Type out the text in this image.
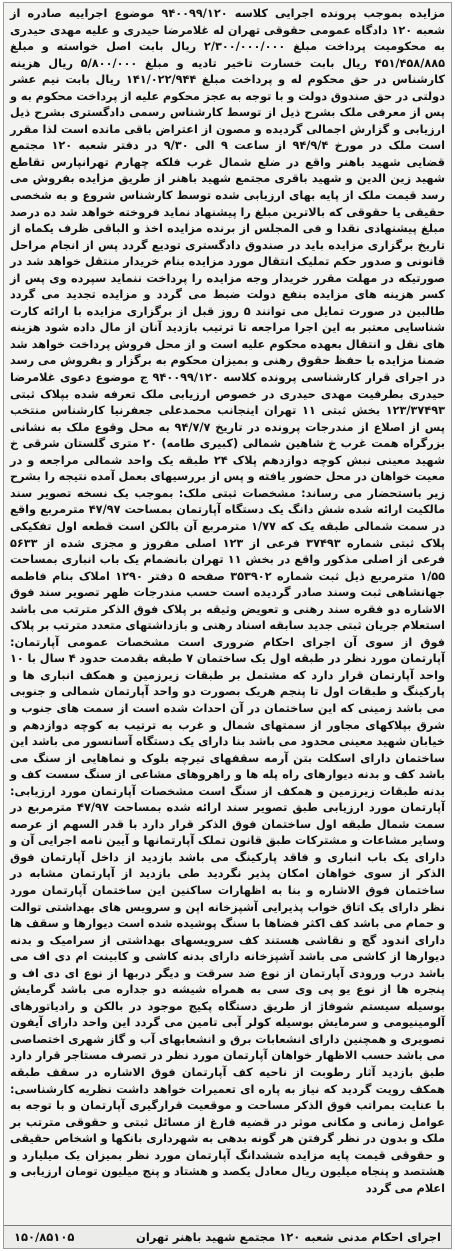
مزایده بموجب پرونده اجرایی کلاسه ۹۴۰۰۹۹/۱۲۰ موضوع اجراییه صادره از شعبه ۱۲۰ دادگاه عمومی حقوقی تهران له غلامرضا حیدری و علیه مهدی حیدری به محکومیت پرداخت مبلغ ۲/۳۰۰/۰۰۰/۰۰۰ ریال بابت اصل خواسته و مبلغ ۴۵۱/۴۵۸/۸۸۵ ریال بابت خسارت تاخیر تادیه و مبلغ ۵/۸۰۰/۰۰۰ ریال هزینه کارشناس در حق محکوم له و پرداخت مبلغ ۱۴۱/۰۲۲/۹۴۴ ریال بابت نیم عشر دولتی در حق صندوق دولت و با توجه به عجز محکوم علیه از پرداخت محکوم به و پس از معرفی ملک بشرح ذیل از توسط کارشناس رسمی دادگستری بشرح ذیل ارزیابی و گزارش اجمالی گردیده و مصون از اعتراض باقی مانده است لذا مقرر است ملک در مورخ ۹۴/۹/۴ از ساعت ۹ الی ۹/۳۰ در دفتر شعبه ۱۲۰ مجتمع قضایی شهید باهنر واقع در ضلع شمال غرب فلکه چهارم تهرانپارس تقاطع شهید زین الدین و شهید باقری مجتمع شهید باهنر از طریق مزایده بفروش می رسد قیمت ملک از پایه بهای ارزیابی شده توسط کارشناس شروع و به شخصی حقیقی یا حقوقی که بالاترین مبلغ را پیشنهاد نماید فروخته خواهد شد ده درصد مبلغ پیشنهادی نقدا و فی المجلس از برنده مزایده اخذ و الباقی ظرف یکماه از تاریخ برگزاری مزایده باید در صندوق دادگستری تودیع گردد پس از انجام مراحل قانونی و صدور حکم تملیک انتقال مورد مزایده بنام خریدار منتقل خواهد شد در صورتیکه در مهلت مقرر خریدار وجه مزایده را پرداخت ننماید سپرده وی پس از کسر هزینه های مزایده بنفع دولت ضبط می گردد و مزایده تجدید می گردد طالبین در صورت تمایل می توانند ۵ روز قبل از برگزاری مزایده با ارائه کارت شناسایی معتبر به این اجرا مراجعه تا ترتیب بازدید آنان از مال داده شود هزینه های نقل و انتقال بعهده محکوم علیه است و از محل فروش پرداخت خواهد شد ضمنا مزایده با حفظ حقوق رهنی و بمیزان محکوم به برگزار و بفروش می رسد در اجرای قرار کارشناسی پرونده کلاسه ۹۴۰۰۹۹/۱۲۰ ج موضوع دعوی غلامرضا حیدری بطرفیت مهدی حیدری در خصوص ارزیابی ملک تعرفه شده بپلاک ثبتی ۱۲۳/۳۷۴۹۳ بخش ثبتی ۱۱ تهران اینجانب محمدعلی جعفرنیا کارشناس منتخب پس از اصلاع از مندرجات پرونده در تاریخ ۹۴/۷/۷ به محل وقوع ملک به نشانی بزرگراه همت غرب خ شاهین شمالی (کبیری طامه) ۲۰ متری گلستان شرقی خ شهید معینی نبش کوچه دوازدهم پلاک ۲۴ طبقه یک واحد شمالی مراجعه و در معیت خواهان در محل حضور یافته و پس از بررسیهای بعمل آمده نتیجه را بشرح زیر باستحضار می رساند: مشخصات ثبتی ملک: بموجب یک نسخه تصویر سند مالکیت ارائه شده شش دانگ یک دستگاه آپارتمان بمساحت ۴۷/۹۷ مترمربع واقع در سمت شمالی طبقه یک که ۱/۷۷ مترمربع آن بالکن است قطعه اول تفکیکی پلاک ثبتی شماره ۳۷۴۹۳ فرعی از ۱۲۳ اصلی مفروز و مجزی شده از ۵۶۳۳ فرعی از اصلی مذکور واقع در بخش ۱۱ تهران بانضمام یک باب انباری بمساحت ۱/۵۵ مترمربع ذیل ثبت شماره ۳۵۳۹۰۲ صفحه ۵ دفتر ۱۲۹۰ املاک بنام فاطمه جهانشاهی ثبت وسند صادر گردیده است حسب مندرجات ظهر تصویر سند فوق الاشاره دو فقره سند رهنی و تعویض وثیقه بر پلاک فوق الذکر مترتب می باشد استعلام جریان ثبتی جدید سابقه اسناد رهنی و بازداشتهای متعدد مترتب بر پلاک فوق از سوی آن اجرای احکام ضروری است مشخصات عمومی آپارتمان: آپارتمان مورد نظر در طبقه اول یک ساختمان ۷ طبقه بقدمت حدود ۴ سال با ۱۰ واحد آپارتمان قرار دارد که مشتمل بر طبقات زیرزمین و همکف انباری ها و پارکینگ و طبقات اول تا پنجم هریک بصورت دو واحد آپارتمان شمالی و جنوبی می باشد زمینی که این ساختمان در آن احداث شده است از سمت های جنوب و شرق بپلاکهای مجاور از سمتهای شمال و غرب به ترتیب به کوچه دوازدهم و خیابان شهید معینی محدود می باشد بنا دارای یک دستگاه آسانسور می باشد این ساختمان دارای اسکلت بتن آرمه سقفهای تیرچه بلوک و نماهایی از سنگ می باشد کف و بدنه دیوارهای راه پله ها و راهروهای مشاعی از سنگ سست کف و بدنه طبقات زیرزمین و همکف از سنگ است مشخصات آپارتمان مورد ارزیابی: آپارتمان مورد ارزیابی طبق تصویر سند ارائه شده بمساحت ۴۷/۹۷ مترمربع در سمت شمال طبقه اول ساختمان فوق الذکر قرار دارد با قدر السهم از عرصه وسایر مشاعات و مشترکات طبق قانون تملک آپارتمانها و آیین نامه اجرایی آن و دارای یک باب انباری و فاقد پارکینگ می باشد بازدید از داخل آپارتمان فوق الذکر از سوی خواهان امکان پذیر نگردید طی بازدید از آپارتمان مشابه در ساختمان فوق الاشاره و بنا به اظهارات ساکنین این ساختمان آپارتمان مورد نظر دارای یک اتاق خواب پذیرایی آشپزخانه اپن و سرویس های بهداشتی توالت و حمام می باشد کف اکثر فضاها با سنگ پوشیده شده است دیوارها و سقف ها دارای اندود گچ و نقاشی هستند کف سرویسهای بهداشتی از سرامیک و بدنه دیوارها از کاشی می باشد آشپزخانه دارای بدنه کاشی و کابینت ام دی اف می باشد درب ورودی آپارتمان از نوع ضد سرقت و دیگر دربها از نوع ای دی اف و پنجره ها از نوع یو پی وی سی به همراه شیشه دو جداره می باشد گرمایش بوسیله سیستم شوفاژ از طریق دستگاه پکیج موجود در بالکن و رادیاتورهای آلومینیومی و سرمایش بوسیله کولر آبی تامین می گردد این واحد دارای آیفون تصویری و همچنین دارای انشعابات برق و انشعابهای آب و گاز شهری اختصاصی می باشد حسب الاظهار خواهان آپارتمان مورد نظر در تصرف مستاجر قرار دارد طبق بازدید آثار رطوبت از ناحیه کف آپارتمان فوق الاشاره در سقف طبقه همکف رویت گردید که نیاز به پاره ای تعمیرات خواهد داشت نظریه کارشناسی: با عنایت بمراتب فوق الذکر مساحت و موقعیت قرارگیری آپارتمان و با توجه به عوامل زمانی و مکانی موثر در قضیه فارغ از مسائل ثبتی و حقوقی مترتب بر ملک و بدون در نظر گرفتن هر گونه بدهی به شهرداری بانکها و اشخاص حقیقی و حقوقی قیمت پایه مزایده ششدانگ آپارتمان مورد نظر بمیزان یک میلیارد و هشتصد و پنجاه میلیون ریال معادل یکصد و هشتاد و پنج میلیون تومان ارزیابی و اعلام می گردد

۱۵۰/۸۵۱۰۵	اجرای احکام مدنی شعبه ۱۲۰ مجتمع شهید باهنر تهران
